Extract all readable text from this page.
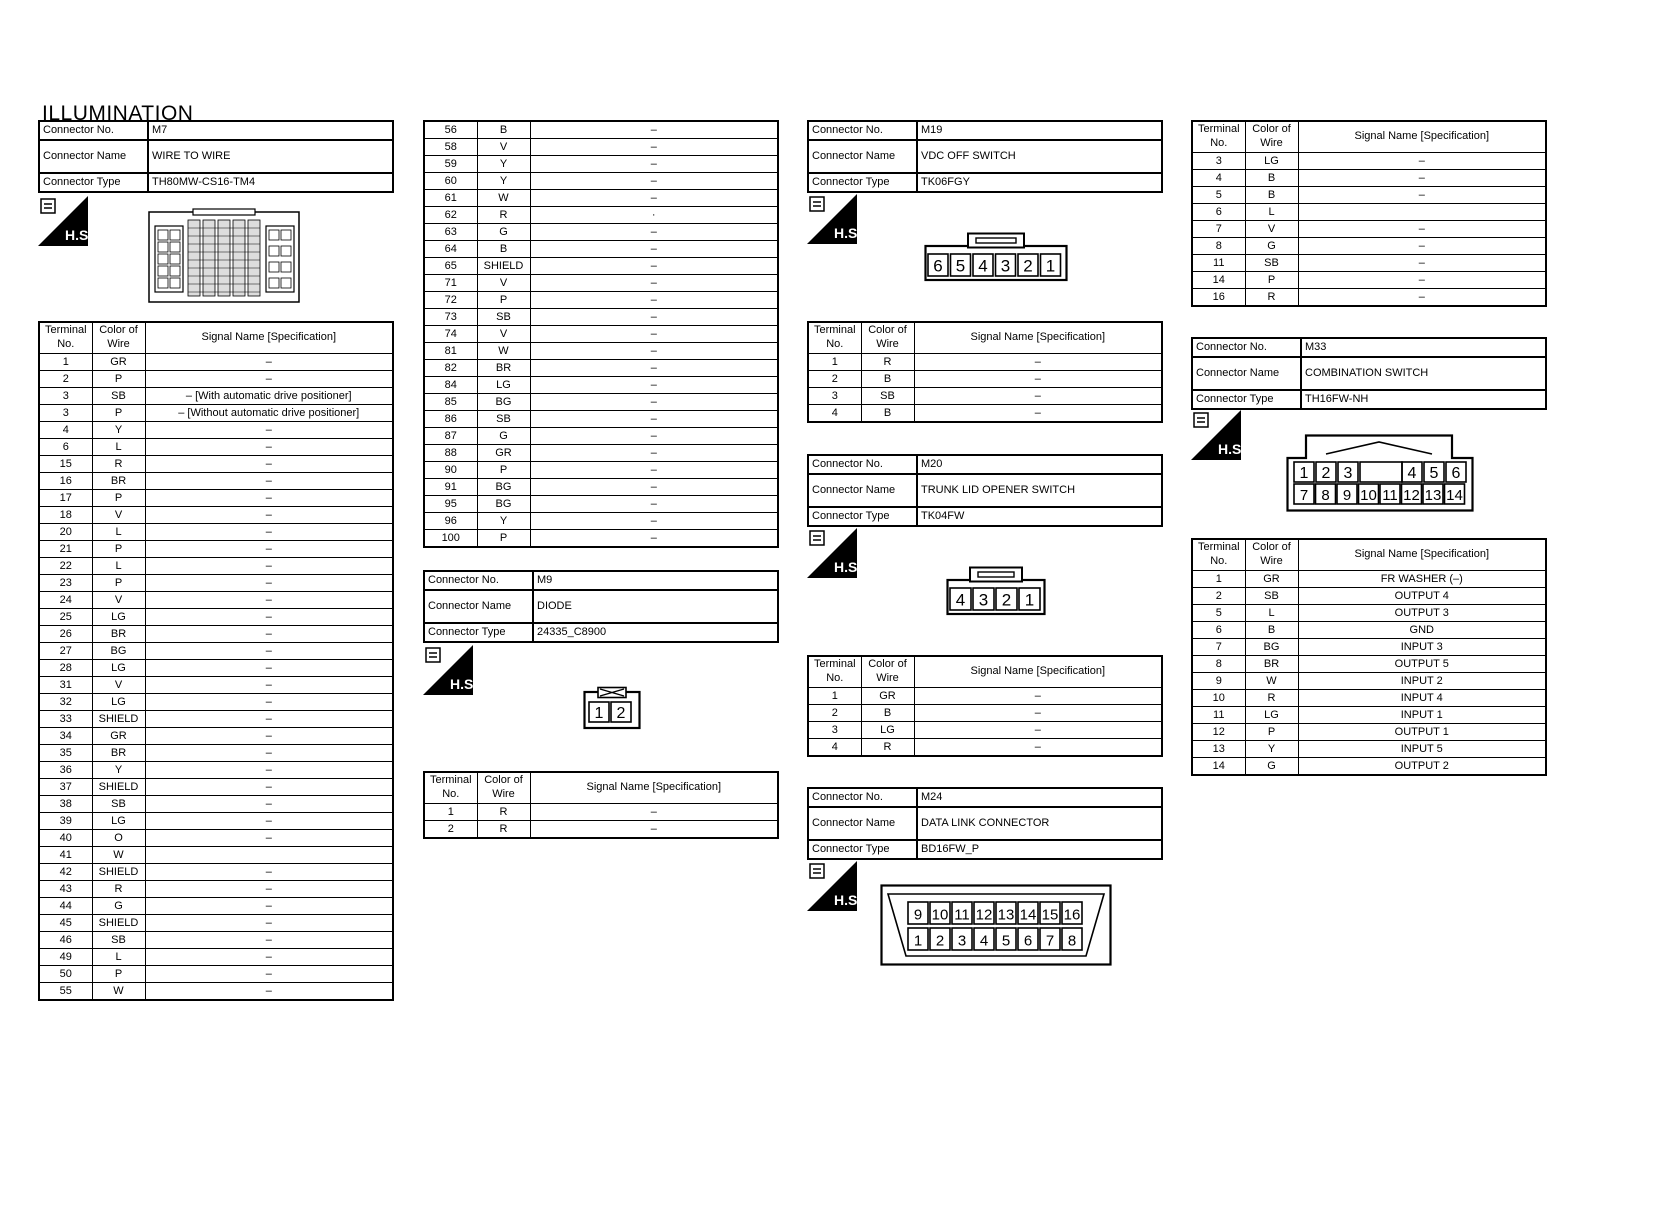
ILLUMINATION
Connector No.	M7
Connector Name	WIRE TO WIRE
Connector Type	TH80MW-CS16-TM4
H.S.
Terminal No.	Color of Wire	Signal Name [Specification]
1	GR	–
2	P	–
3	SB	– [With automatic drive positioner]
3	P	– [Without automatic drive positioner]
4	Y	–
6	L	–
15	R	–
16	BR	–
17	P	–
18	V	–
20	L	–
21	P	–
22	L	–
23	P	–
24	V	–
25	LG	–
26	BR	–
27	BG	–
28	LG	–
31	V	–
32	LG	–
33	SHIELD	–
34	GR	–
35	BR	–
36	Y	–
37	SHIELD	–
38	SB	–
39	LG	–
40	O	–
41	W	
42	SHIELD	–
43	R	–
44	G	–
45	SHIELD	–
46	SB	–
49	L	–
50	P	–
55	W	–
56	B	–
58	V	–
59	Y	–
60	Y	–
61	W	–
62	R	·
63	G	–
64	B	–
65	SHIELD	–
71	V	–
72	P	–
73	SB	–
74	V	–
81	W	–
82	BR	–
84	LG	–
85	BG	–
86	SB	–
87	G	–
88	GR	–
90	P	–
91	BG	–
95	BG	–
96	Y	–
100	P	–
Connector No.	M9
Connector Name	DIODE
Connector Type	24335_C8900
H.S.
1 2
Terminal No.	Color of Wire	Signal Name [Specification]
1	R	–
2	R	–
Connector No.	M19
Connector Name	VDC OFF SWITCH
Connector Type	TK06FGY
H.S.
6 5 4 3 2 1
Terminal No.	Color of Wire	Signal Name [Specification]
1	R	–
2	B	–
3	SB	–
4	B	–
Connector No.	M20
Connector Name	TRUNK LID OPENER SWITCH
Connector Type	TK04FW
H.S.
4 3 2 1
Terminal No.	Color of Wire	Signal Name [Specification]
1	GR	–
2	B	–
3	LG	–
4	R	–
Connector No.	M24
Connector Name	DATA LINK CONNECTOR
Connector Type	BD16FW_P
H.S.
9 10 11 12 13 14 15 16
1 2 3 4 5 6 7 8
Terminal No.	Color of Wire	Signal Name [Specification]
3	LG	–
4	B	–
5	B	–
6	L	
7	V	–
8	G	–
11	SB	–
14	P	–
16	R	–
Connector No.	M33
Connector Name	COMBINATION SWITCH
Connector Type	TH16FW-NH
H.S.
1 2 3	4 5 6
7 8 9 10 11 12 13 14
Terminal No.	Color of Wire	Signal Name [Specification]
1	GR	FR WASHER (–)
2	SB	OUTPUT 4
5	L	OUTPUT 3
6	B	GND
7	BG	INPUT 3
8	BR	OUTPUT 5
9	W	INPUT 2
10	R	INPUT 4
11	LG	INPUT 1
12	P	OUTPUT 1
13	Y	INPUT 5
14	G	OUTPUT 2
